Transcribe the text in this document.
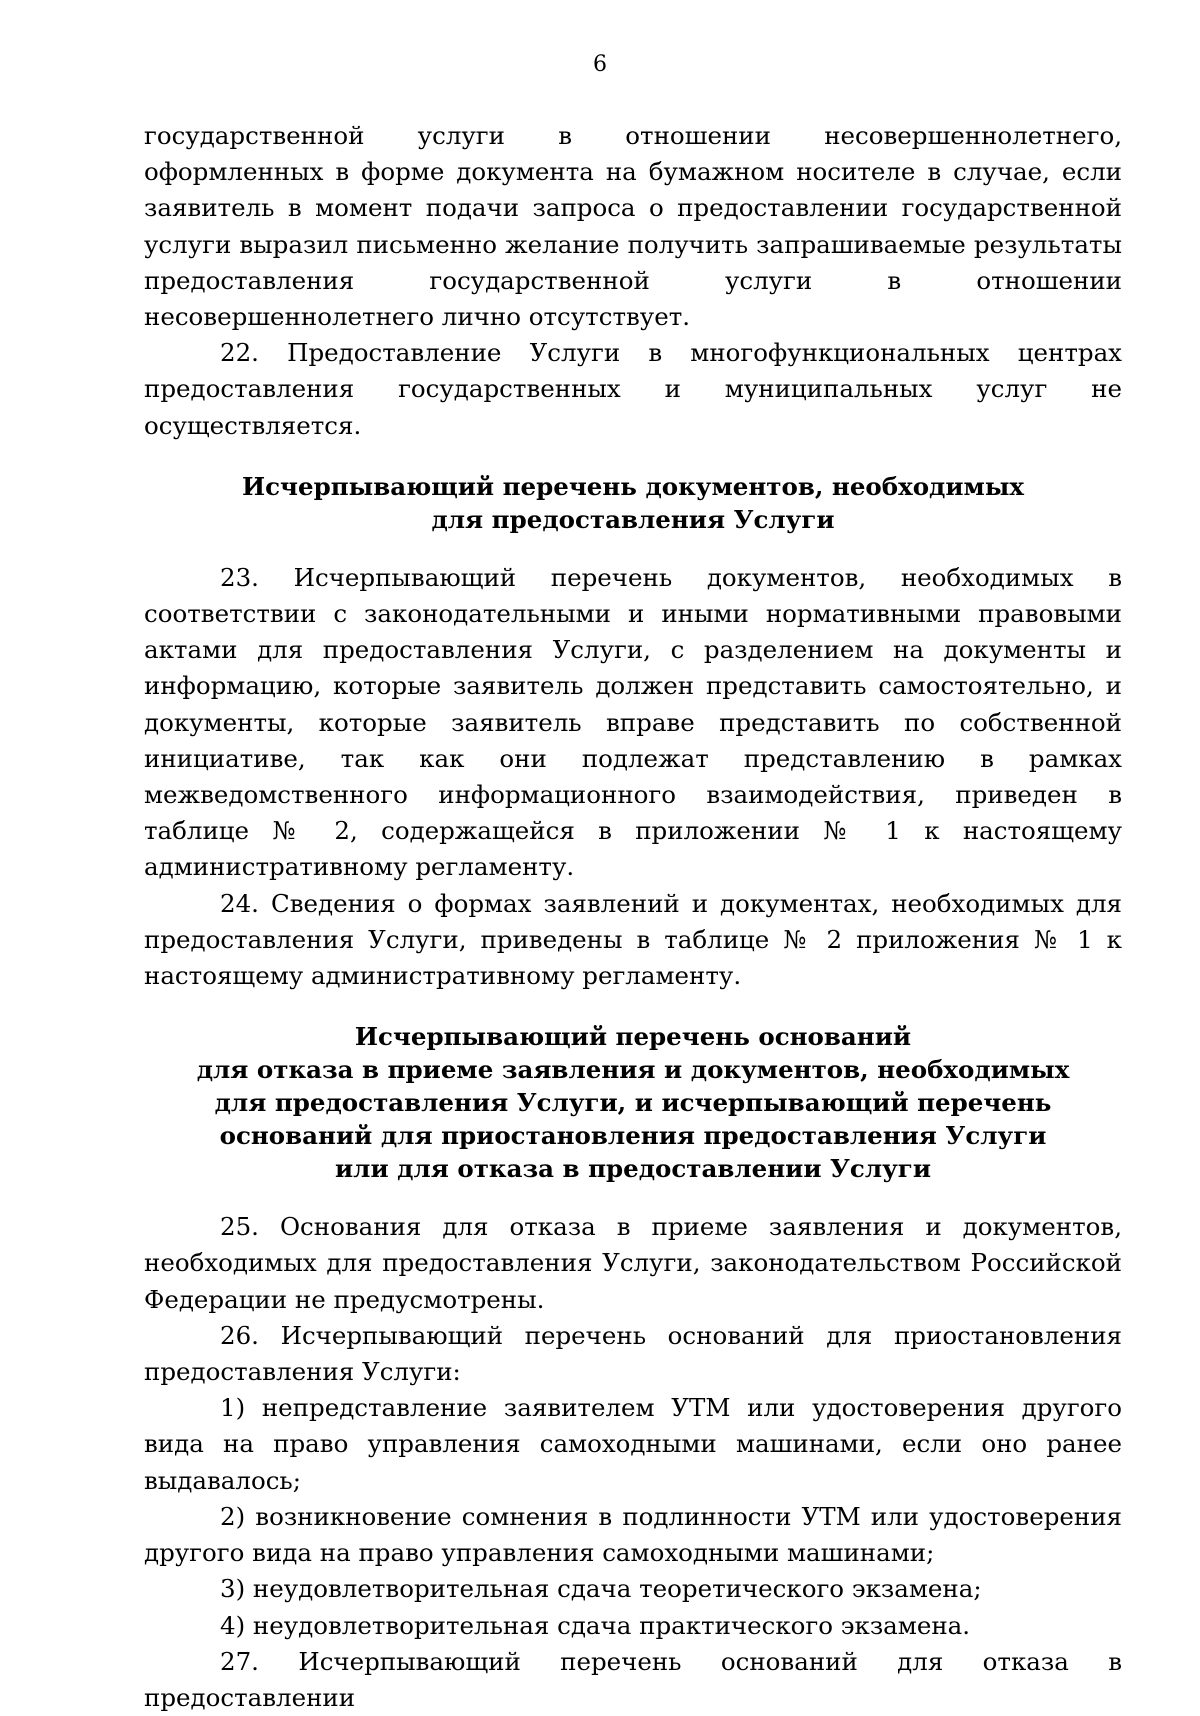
6

государственной услуги в отношении несовершеннолетнего, оформленных в форме документа на бумажном носителе в случае, если заявитель в момент подачи запроса о предоставлении государственной услуги выразил письменно желание получить запрашиваемые результаты предоставления государственной услуги в отношении несовершеннолетнего лично отсутствует.

22. Предоставление Услуги в многофункциональных центрах предоставления государственных и муниципальных услуг не осуществляется.

Исчерпывающий перечень документов, необходимых
для предоставления Услуги

23. Исчерпывающий перечень документов, необходимых в соответствии с законодательными и иными нормативными правовыми актами для предоставления Услуги, с разделением на документы и информацию, которые заявитель должен представить самостоятельно, и документы, которые заявитель вправе представить по собственной инициативе, так как они подлежат представлению в рамках межведомственного информационного взаимодействия, приведен в таблице № 2, содержащейся в приложении № 1 к настоящему административному регламенту.

24. Сведения о формах заявлений и документах, необходимых для предоставления Услуги, приведены в таблице № 2 приложения № 1 к настоящему административному регламенту.

Исчерпывающий перечень оснований
для отказа в приеме заявления и документов, необходимых
для предоставления Услуги, и исчерпывающий перечень
оснований для приостановления предоставления Услуги
или для отказа в предоставлении Услуги

25. Основания для отказа в приеме заявления и документов, необходимых для предоставления Услуги, законодательством Российской Федерации не предусмотрены.

26. Исчерпывающий перечень оснований для приостановления предоставления Услуги:

1) непредставление заявителем УТМ или удостоверения другого вида на право управления самоходными машинами, если оно ранее выдавалось;

2) возникновение сомнения в подлинности УТМ или удостоверения другого вида на право управления самоходными машинами;

3) неудовлетворительная сдача теоретического экзамена;

4) неудовлетворительная сдача практического экзамена.

27. Исчерпывающий перечень оснований для отказа в предоставлении
